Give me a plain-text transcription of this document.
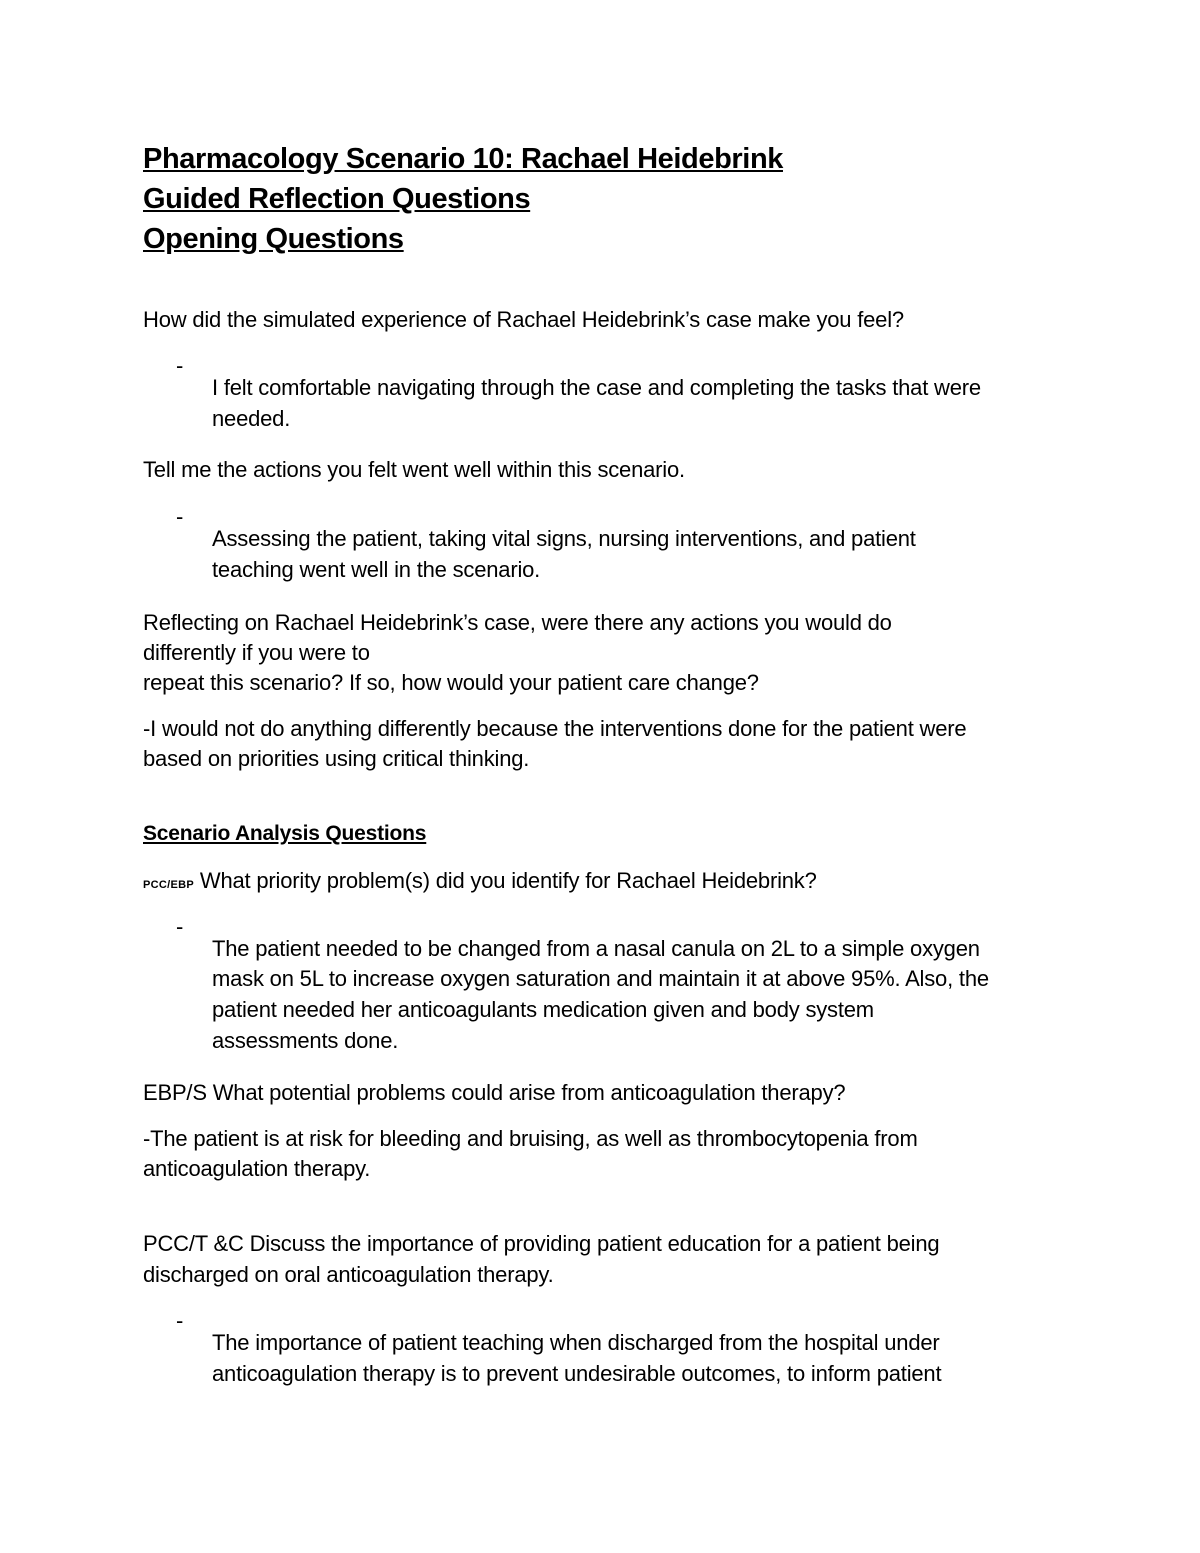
Pharmacology Scenario 10: Rachael Heidebrink

Guided Reflection Questions

Opening Questions

How did the simulated experience of Rachael Heidebrink’s case make you feel?

-

I felt comfortable navigating through the case and completing the tasks that were

needed.

Tell me the actions you felt went well within this scenario.

-

Assessing the patient, taking vital signs, nursing interventions, and patient

teaching went well in the scenario.

Reflecting on Rachael Heidebrink’s case, were there any actions you would do

differently if you were to

repeat this scenario? If so, how would your patient care change?

-I would not do anything differently because the interventions done for the patient were

based on priorities using critical thinking.

Scenario Analysis Questions

PCC/EBP What priority problem(s) did you identify for Rachael Heidebrink?

-

The patient needed to be changed from a nasal canula on 2L to a simple oxygen

mask on 5L to increase oxygen saturation and maintain it at above 95%. Also, the

patient needed her anticoagulants medication given and body system

assessments done.

EBP/S What potential problems could arise from anticoagulation therapy?

-The patient is at risk for bleeding and bruising, as well as thrombocytopenia from

anticoagulation therapy.

PCC/T &C Discuss the importance of providing patient education for a patient being

discharged on oral anticoagulation therapy.

-

The importance of patient teaching when discharged from the hospital under

anticoagulation therapy is to prevent undesirable outcomes, to inform patient
